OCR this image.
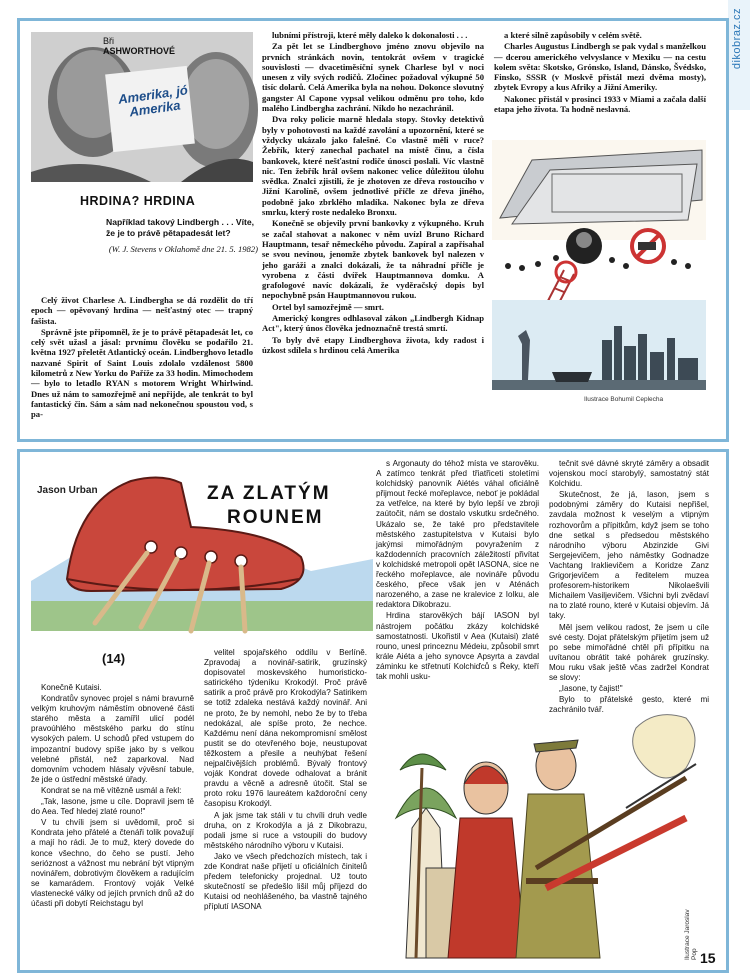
dikobraz.cz
Amerika, jó Amerika
Bři
ASHWORTHOVÉ
HRDINA? HRDINA
Například takový Lindbergh . . . Víte, že je to právě pětapadesát let?
(W. J. Stevens v Oklahomě dne 21. 5. 1982)

Celý život Charlese A. Lindbergha se dá rozdělit do tří epoch — opěvovaný hrdina — nešťastný otec — trapný fašista.

Správně jste připomněl, že je to právě pětapadesát let, co celý svět užasl a jásal: prvnímu člověku se podařilo 21. května 1927 přeletět Atlantický oceán. Lindberghovo letadlo nazvané Spirit of Saint Louis zdolalo vzdálenost 5800 kilometrů z New Yorku do Paříže za 33 hodin. Mimochodem — bylo to letadlo RYAN s motorem Wright Whirlwind. Dnes už nám to samozřejmě ani nepřijde, ale tenkrát to byl fantastický čin. Sám a sám nad nekonečnou spoustou vod, s pa-

lubními přístroji, které měly daleko k dokonalosti . . .

Za pět let se Lindberghovo jméno znovu objevilo na prvních stránkách novin, tentokrát ovšem v tragické souvislosti — dvacetiměsíční synek Charlese byl v noci unesen z vily svých rodičů. Zločinec požadoval výkupné 50 tisíc dolarů. Celá Amerika byla na nohou. Dokonce slovutný gangster Al Capone vypsal velikou odměnu pro toho, kdo malého Lindbergha zachrání. Nikdo ho nezachránil.

Dva roky policie marně hledala stopy. Stovky detektivů byly v pohotovosti na každé zavolání a upozornění, které se vždycky ukázalo jako falešné. Co vlastně měli v ruce? Žebřík, který zanechal pachatel na místě činu, a čísla bankovek, které nešťastní rodiče únosci poslali. Víc vlastně nic. Ten žebřík hrál ovšem nakonec velice důležitou úlohu svědka. Znalci zjistili, že je zhotoven ze dřeva rostoucího v Jižní Karolíně, ovšem jednotlivé příčle ze dřeva jiného, podobně jako zbrklého mladíka. Nakonec byla ze dřeva smrku, který roste nedaleko Bronxu.

Konečně se objevily první bankovky z výkupného. Kruh se začal stahovat a nakonec v něm uvízl Bruno Richard Hauptmann, tesař německého původu. Zapíral a zapřisahal se svou nevinou, jenomže zbytek bankovek byl nalezen v jeho garáži a znalci dokázali, že ta náhradní příčle je vyrobena z části dvířek Hauptmannova domku. A grafologové navíc dokázali, že vyděračský dopis byl nepochybně psán Hauptmannovou rukou.

Ortel byl samozřejmě — smrt.

Americký kongres odhlasoval zákon „Lindbergh Kidnap Act", který únos člověka jednoznačně trestá smrtí.

To byly dvě etapy Lindberghova života, kdy radost i úzkost sdílela s hrdinou celá Amerika

a které silně zapůsobily v celém světě.

Charles Augustus Lindbergh se pak vydal s manželkou — dcerou amerického velvyslance v Mexiku — na cestu kolem světa: Skotsko, Grónsko, Island, Dánsko, Švédsko, Finsko, SSSR (v Moskvě přistál mezi dvěma mosty), zbytek Evropy a kus Afriky a Jižní Ameriky.

Nakonec přistál v prosinci 1933 v Miami a začala další etapa jeho života. Ta hodně neslavná.

Ilustrace Bohumil Ceplecha
Jason Urban	ZA ZLATÝM
ROUNEM
(14)

Konečně Kutaisi.

Kondratův synovec projel s námi bravurně velkým kruhovým náměstím obnovené části starého města a zamířil ulicí podél pravoúhlého městského parku do stínu vysokých palem. U schodů před vstupem do impozantní budovy spíše jako by s velkou velebné přistál, než zaparkoval. Nad domovním vchodem hlásaly vývěsní tabule, že jde o ústřední městské úřady.

Kondrat se na mě vítězně usmál a řekl:

„Tak, Iasone, jsme u cíle. Dopravil jsem tě do Aea. Teď hledej zlaté rouno!"

V tu chvíli jsem si uvědomil, proč si Kondrata jeho přátelé a čtenáři tolik považují a mají ho rádi. Je to muž, který dovede do konce všechno, do čeho se pustí. Jeho serióznost a vážnost mu nebrání být vtipným novinářem, dobrotivým člověkem a radujícím se kamarádem. Frontový voják Velké vlastenecké války od jejích prvních dnů až do účasti při dobytí Reichstagu byl

velitel spojařského oddílu v Berlíně. Zpravodaj a novinář-satirik, gruzínský dopisovatel moskevského humoristicko-satirického týdeníku Krokodýl. Proč právě satirik a proč právě pro Krokodýla? Satirikem se totiž zdaleka nestává každý novinář. Ani ne proto, že by nemohl, nebo že by to třeba nedokázal, ale spíše proto, že nechce. Každému není dána nekompromisní smělost pustit se do otevřeného boje, neustupovat těžkostem a přesile a neuhýbat řešení nejpalčivějších problémů. Bývalý frontový voják Kondrat dovede odhalovat a bránit pravdu a věcně a adresně útočit. Stal se proto roku 1976 laureátem každoroční ceny časopisu Krokodýl.

A jak jsme tak stáli v tu chvíli druh vedle druha, on z Krokodýla a já z Dikobrazu, podali jsme si ruce a vstoupili do budovy městského národního výboru v Kutaisi.

Jako ve všech předchozích místech, tak i zde Kondrat naše přijetí u oficiálních činitelů předem telefonicky projednal. Už touto skutečností se předešlo lišil můj příjezd do Kutaisi od neohlášeného, ba vlastně tajného příplutí IASONA

s Argonauty do téhož místa ve starověku. A zatímco tenkrát před třiatřiceti stoletími kolchidský panovník Aiétés váhal oficiálně přijmout řecké mořeplavce, neboť je pokládal za vetřelce, na které by bylo lepší ve zbroji zaútočit, nám se dostalo vskutku srdečného. Ukázalo se, že také pro představitele městského zastupitelstva v Kutaisi bylo jakýmsi mimořádným povyražením z každodenních pracovních záležitostí přivítat v kolchidské metropoli opět IASONA, sice ne řeckého mořeplavce, ale novináře původu českého, přece však jen v Aténách narozeného, a zase ne kralevice z Iolku, ale redaktora Dikobrazu.

Hrdina starověkých bájí IASON byl nástrojem počátku zkázy kolchidské samostatnosti. Ukořistil v Aea (Kutaisi) zlaté rouno, unesl princeznu Médeiu, způsobil smrt krále Aiéta a jeho synovce Apsyrta a zavdal záminku ke střetnutí Kolchiďců s Řeky, kteří tak mohli usku-

tečnit své dávné skryté záměry a obsadit vojenskou mocí starobylý, samostatný stát Kolchidu.

Skutečnost, že já, Iason, jsem s podobnými záměry do Kutaisi nepřišel, zavdala možnost k veselým a vtipným rozhovorům a přípitkům, když jsem se toho dne setkal s předsedou městského národního výboru Abzinzide Givi Sergejevičem, jeho náměstky Godnadze Vachtang Iraklievičem a Koridze Zanz Grigorjevičem a ředitelem muzea profesorem-historikem Nikolaešvili Michailem Vasiljevičem. Všichni byli zvědaví na to zlaté rouno, které v Kutaisi objevím. Já taky.

Měl jsem velikou radost, že jsem u cíle své cesty. Dojat přátelským přijetím jsem už po sebe mimořádné chtěl při přípitku na uvítanou obrátit také pohárek gruzínsky. Mou ruku však ještě včas zadržel Kondrat se slovy:

„Iasone, ty čajist!"

Bylo to přátelské gesto, které mi zachránilo tvář.

Ilustrace Jaroslav Pop 15
